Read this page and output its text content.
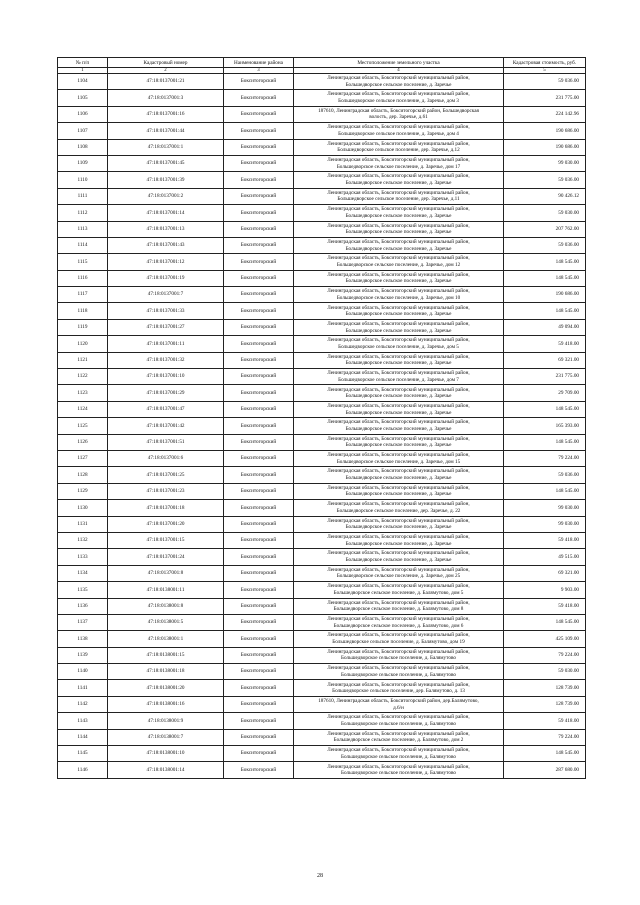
№ п/п	Кадастровый номер	Наименование района	Местоположение земельного участка	Кадастровая стоимость, руб.
1	2	3	4	5
1104	47:18:0137001:21	Бокситогорский	Ленинградская область, Бокситогорский муниципальный район,
Большедворское сельское поселение, д. Заречье	59 036.00
1105	47:18:0137001:3	Бокситогорский	Ленинградская область, Бокситогорский муниципальный район,
Большедворское сельское поселение, д. Заречье, дом 3	231 775.00
1106	47:18:0137001:16	Бокситогорский	187610, Ленинградская область, Бокситогорский район, Большедворская
волость, дер. Заречье, д.61	224 142.96
1107	47:18:0137001:44	Бокситогорский	Ленинградская область, Бокситогорский муниципальный район,
Большедворское сельское поселение, д. Заречье, дом 4	190 686.00
1108	47:18:0137001:1	Бокситогорский	Ленинградская область, Бокситогорский муниципальный район,
Большедворское сельское поселение, дер. Заречье, д.12	190 686.00
1109	47:18:0137001:45	Бокситогорский	Ленинградская область, Бокситогорский муниципальный район,
Большедворское сельское поселение, д. Заречье, дом 17	99 030.00
1110	47:18:0137001:39	Бокситогорский	Ленинградская область, Бокситогорский муниципальный район,
Большедворское сельское поселение, д. Заречье	59 036.00
1111	47:18:0137001:2	Бокситогорский	Ленинградская область, Бокситогорский муниципальный район,
Большедворское сельское поселение, дер. Заречье, д.11	90 426.12
1112	47:18:0137001:14	Бокситогорский	Ленинградская область, Бокситогорский муниципальный район,
Большедворское сельское поселение, д. Заречье	59 030.00
1113	47:18:0137001:13	Бокситогорский	Ленинградская область, Бокситогорский муниципальный район,
Большедворское сельское поселение, д. Заречье	207 762.00
1114	47:18:0137001:43	Бокситогорский	Ленинградская область, Бокситогорский муниципальный район,
Большедворское сельское поселение, д. Заречье	59 036.00
1115	47:18:0137001:12	Бокситогорский	Ленинградская область, Бокситогорский муниципальный район,
Большедворское сельское поселение, д. Заречье, дом 12	148 545.00
1116	47:18:0137001:19	Бокситогорский	Ленинградская область, Бокситогорский муниципальный район,
Большедворское сельское поселение, д. Заречье	148 545.00
1117	47:18:0137001:7	Бокситогорский	Ленинградская область, Бокситогорский муниципальный район,
Большедворское сельское поселение, д. Заречье, дом 10	190 686.00
1118	47:18:0137001:33	Бокситогорский	Ленинградская область, Бокситогорский муниципальный район,
Большедворское сельское поселение, д. Заречье	148 545.00
1119	47:18:0137001:27	Бокситогорский	Ленинградская область, Бокситогорский муниципальный район,
Большедворское сельское поселение, д. Заречье	49 094.00
1120	47:18:0137001:11	Бокситогорский	Ленинградская область, Бокситогорский муниципальный район,
Большедворское сельское поселение, д. Заречье, дом 5	59 418.00
1121	47:18:0137001:32	Бокситогорский	Ленинградская область, Бокситогорский муниципальный район,
Большедворское сельское поселение, д. Заречье	69 321.00
1122	47:18:0137001:10	Бокситогорский	Ленинградская область, Бокситогорский муниципальный район,
Большедворское сельское поселение, д. Заречье, дом 7	231 775.00
1123	47:18:0137001:29	Бокситогорский	Ленинградская область, Бокситогорский муниципальный район,
Большедворское сельское поселение, д. Заречье	29 709.00
1124	47:18:0137001:47	Бокситогорский	Ленинградская область, Бокситогорский муниципальный район,
Большедворское сельское поселение, д. Заречье	148 545.00
1125	47:18:0137001:42	Бокситогорский	Ленинградская область, Бокситогорский муниципальный район,
Большедворское сельское поселение, д. Заречье	165 393.00
1126	47:18:0137001:51	Бокситогорский	Ленинградская область, Бокситогорский муниципальный район,
Большедворское сельское поселение, д. Заречье	148 545.00
1127	47:18:0137001:6	Бокситогорский	Ленинградская область, Бокситогорский муниципальный район,
Большедворское сельское поселение, д. Заречье, дом 15	79 224.00
1128	47:18:0137001:25	Бокситогорский	Ленинградская область, Бокситогорский муниципальный район,
Большедворское сельское поселение, д. Заречье	59 036.00
1129	47:18:0137001:23	Бокситогорский	Ленинградская область, Бокситогорский муниципальный район,
Большедворское сельское поселение, д. Заречье	148 545.00
1130	47:18:0137001:18	Бокситогорский	Ленинградская область, Бокситогорский муниципальный район,
Большедворское сельское поселение, дер. Заречье, д. 22	99 030.00
1131	47:18:0137001:20	Бокситогорский	Ленинградская область, Бокситогорский муниципальный район,
Большедворское сельское поселение, д. Заречье	99 030.00
1132	47:18:0137001:15	Бокситогорский	Ленинградская область, Бокситогорский муниципальный район,
Большедворское сельское поселение, д. Заречье	59 418.00
1133	47:18:0137001:24	Бокситогорский	Ленинградская область, Бокситогорский муниципальный район,
Большедворское сельское поселение, д. Заречье	49 515.00
1134	47:18:0137001:8	Бокситогорский	Ленинградская область, Бокситогорский муниципальный район,
Большедворское сельское поселение, д. Заречье, дом 25	69 321.00
1135	47:18:0138001:11	Бокситогорский	Ленинградская область, Бокситогорский муниципальный район,
Большедворское сельское поселение, д. Балямутово, дом 5	9 903.00
1136	47:18:0138001:8	Бокситогорский	Ленинградская область, Бокситогорский муниципальный район,
Большедворское сельское поселение, д. Балямутово, дом 8	59 418.00
1137	47:18:0138001:5	Бокситогорский	Ленинградская область, Бокситогорский муниципальный район,
Большедворское сельское поселение, д. Балямутово, дом 6	148 545.00
1138	47:18:0138001:1	Бокситогорский	Ленинградская область, Бокситогорский муниципальный район,
Большедворское сельское поселение, д. Балямутово, дом 19	425 109.00
1139	47:18:0138001:15	Бокситогорский	Ленинградская область, Бокситогорский муниципальный район,
Большедворское сельское поселение, д. Балямутово	79 224.00
1140	47:18:0138001:18	Бокситогорский	Ленинградская область, Бокситогорский муниципальный район,
Большедворское сельское поселение, д. Балямутово	59 030.00
1141	47:18:0138001:20	Бокситогорский	Ленинградская область, Бокситогорский муниципальный район,
Большедворское сельское поселение, дер. Балямутово, д. 13	128 739.00
1142	47:18:0138001:16	Бокситогорский	187610, Ленинградская область, Бокситогорский район, дер.Балямутово,
д.6/н	128 739.00
1143	47:18:0138001:9	Бокситогорский	Ленинградская область, Бокситогорский муниципальный район,
Большедворское сельское поселение, д. Балямутово	59 418.00
1144	47:18:0138001:7	Бокситогорский	Ленинградская область, Бокситогорский муниципальный район,
Большедворское сельское поселение, д. Балямутово, дом 2	79 224.00
1145	47:18:0138001:10	Бокситогорский	Ленинградская область, Бокситогорский муниципальный район,
Большедворское сельское поселение, д. Балямутово	148 545.00
1146	47:18:0138001:14	Бокситогорский	Ленинградская область, Бокситогорский муниципальный район,
Большедворское сельское поселение, д. Балямутово	287 680.00
28
